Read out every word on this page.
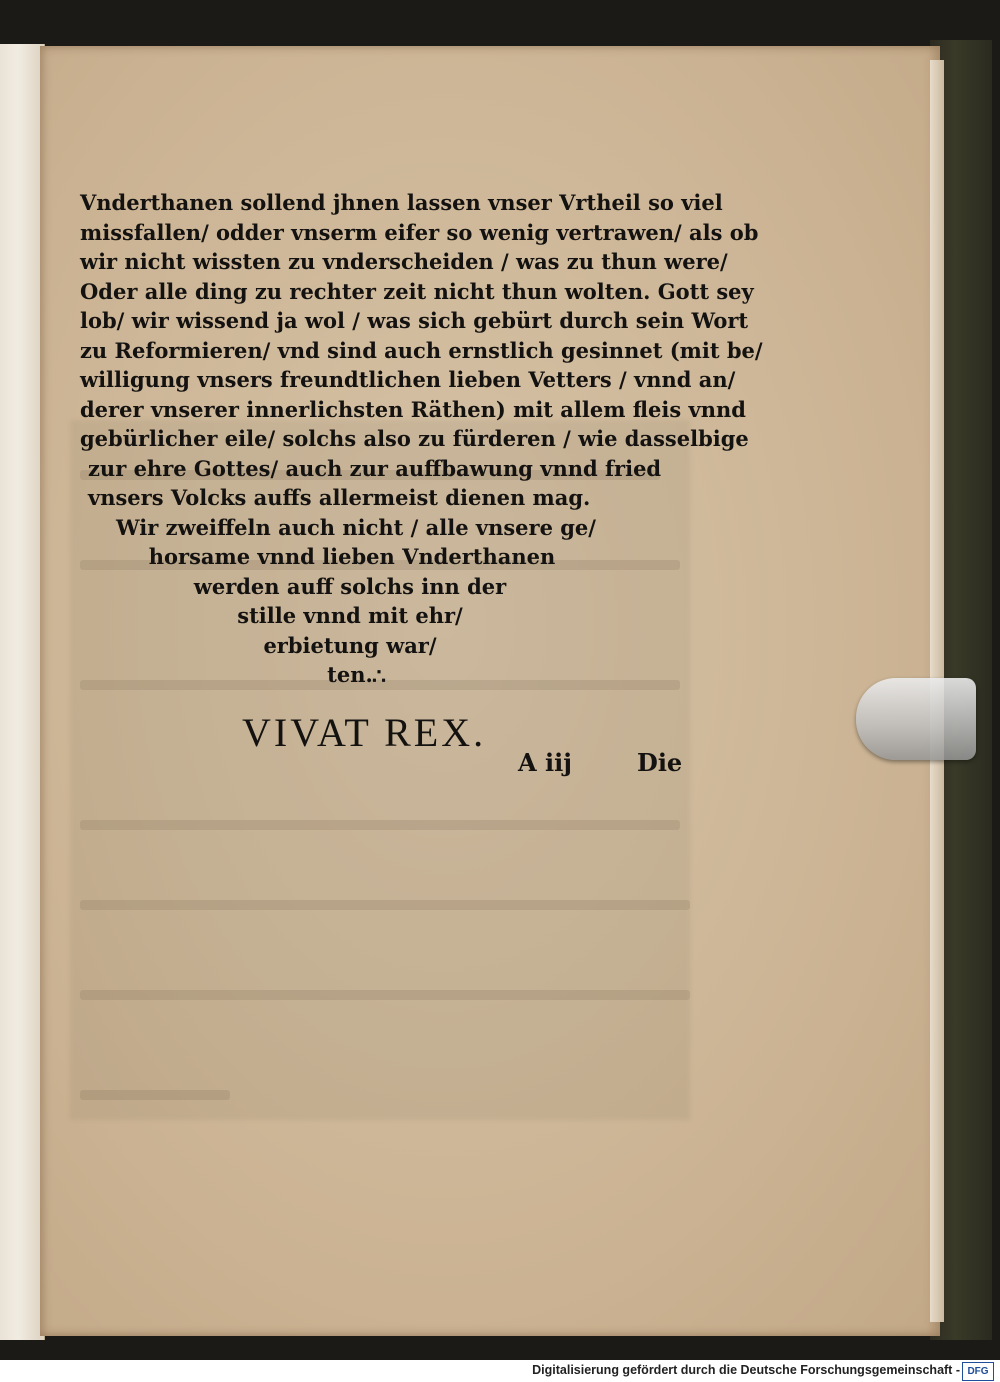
Vnderthanen sollend jhnen lassen vnser Vrtheil so viel
missfallen/ odder vnserm eifer so wenig vertrawen/ als ob
wir nicht wissten zu vnderscheiden / was zu thun were/
Oder alle ding zu rechter zeit nicht thun wolten. Gott sey
lob/ wir wissend ja wol / was sich gebürt durch sein Wort
zu Reformieren/ vnd sind auch ernstlich gesinnet (mit be/
willigung vnsers freundtlichen lieben Vetters / vnnd an/
derer vnserer innerlichsten Räthen) mit allem fleis vnnd
gebürlicher eile/ solchs also zu fürderen / wie dasselbige
zur ehre Gottes/ auch zur auffbawung vnnd fried
vnsers Volcks auffs allermeist dienen mag.
Wir zweiffeln auch nicht / alle vnsere ge/
horsame vnnd lieben Vnderthanen
werden auff solchs inn der
stille vnnd mit ehr/
erbietung war/
ten. ∴
VIVAT REX.
A iij	Die
Digitalisierung gefördert durch die Deutsche Forschungsgemeinschaft - DFG
